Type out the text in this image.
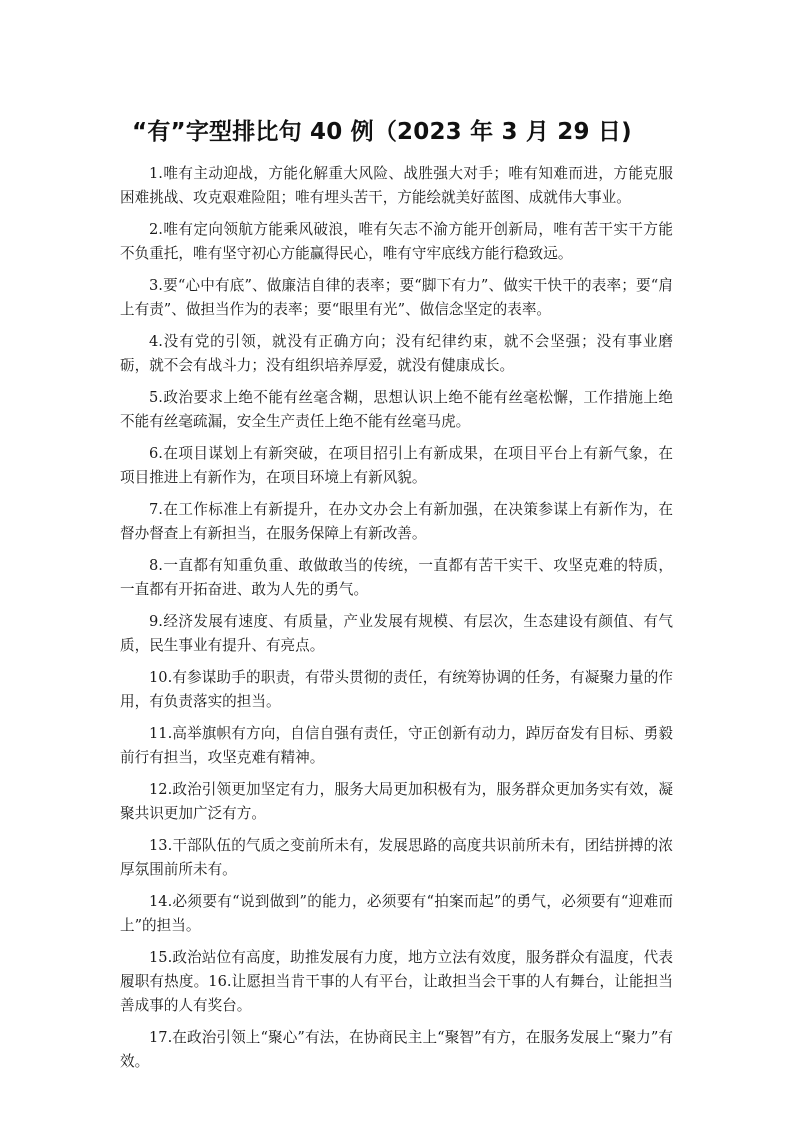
“有”字型排比句 40 例（2023 年 3 月 29 日)

1.唯有主动迎战，方能化解重大风险、战胜强大对手；唯有知难而进，方能克服困难挑战、攻克艰难险阻；唯有埋头苦干，方能绘就美好蓝图、成就伟大事业。

2.唯有定向领航方能乘风破浪，唯有矢志不渝方能开创新局，唯有苦干实干方能不负重托，唯有坚守初心方能赢得民心，唯有守牢底线方能行稳致远。

3.要“心中有底”、做廉洁自律的表率；要“脚下有力”、做实干快干的表率；要“肩上有责”、做担当作为的表率；要“眼里有光”、做信念坚定的表率。

4.没有党的引领，就没有正确方向；没有纪律约束，就不会坚强；没有事业磨砺，就不会有战斗力；没有组织培养厚爱，就没有健康成长。

5.政治要求上绝不能有丝毫含糊，思想认识上绝不能有丝毫松懈，工作措施上绝不能有丝毫疏漏，安全生产责任上绝不能有丝毫马虎。

6.在项目谋划上有新突破，在项目招引上有新成果，在项目平台上有新气象，在项目推进上有新作为，在项目环境上有新风貌。

7.在工作标准上有新提升，在办文办会上有新加强，在决策参谋上有新作为，在督办督查上有新担当，在服务保障上有新改善。

8.一直都有知重负重、敢做敢当的传统，一直都有苦干实干、攻坚克难的特质，一直都有开拓奋进、敢为人先的勇气。

9.经济发展有速度、有质量，产业发展有规模、有层次，生态建设有颜值、有气质，民生事业有提升、有亮点。

10.有参谋助手的职责，有带头贯彻的责任，有统筹协调的任务，有凝聚力量的作用，有负责落实的担当。

11.高举旗帜有方向，自信自强有责任，守正创新有动力，踔厉奋发有目标、勇毅前行有担当，攻坚克难有精神。

12.政治引领更加坚定有力，服务大局更加积极有为，服务群众更加务实有效，凝聚共识更加广泛有方。

13.干部队伍的气质之变前所未有，发展思路的高度共识前所未有，团结拼搏的浓厚氛围前所未有。

14.必须要有“说到做到”的能力，必须要有“拍案而起”的勇气，必须要有“迎难而上”的担当。

15.政治站位有高度，助推发展有力度，地方立法有效度，服务群众有温度，代表履职有热度。16.让愿担当肯干事的人有平台，让敢担当会干事的人有舞台，让能担当善成事的人有奖台。

17.在政治引领上“聚心”有法，在协商民主上“聚智”有方，在服务发展上“聚力”有效。
